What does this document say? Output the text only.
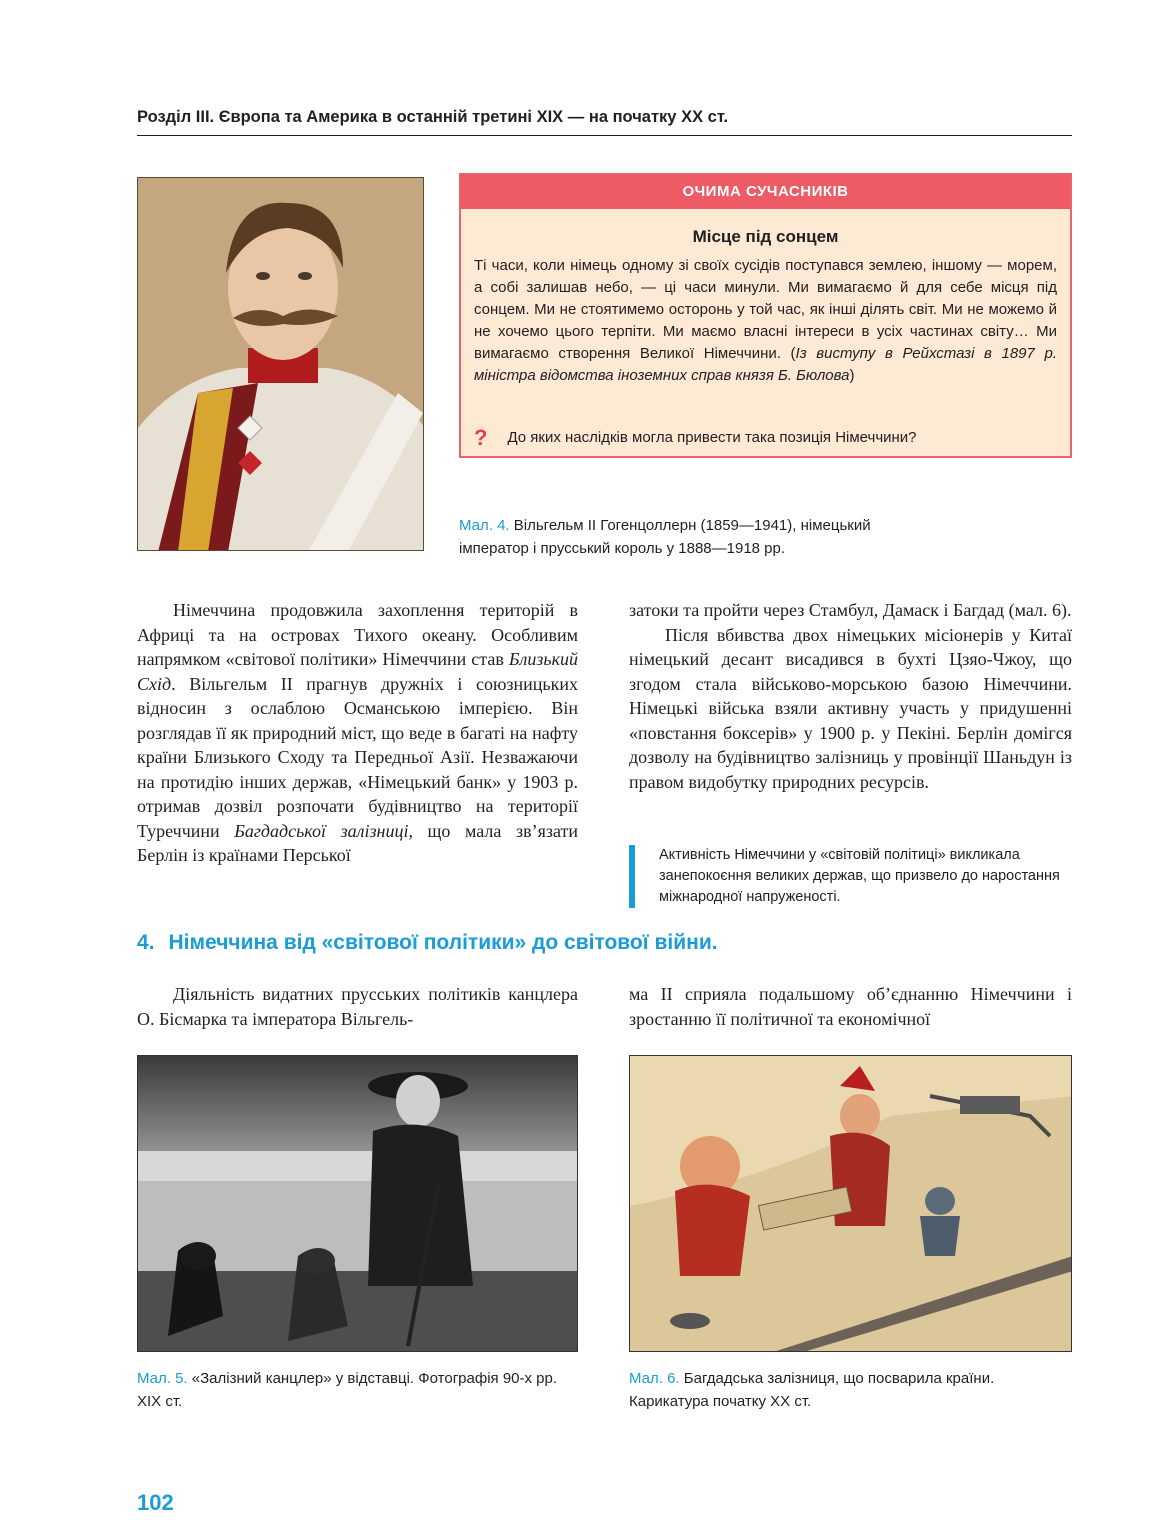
Розділ ІІІ. Європа та Америка в останній третині ХІХ — на початку ХХ ст.
ОЧИМА СУЧАСНИКІВ
Місце під сонцем
Ті часи, коли німець одному зі своїх сусідів поступався землею, іншому — морем, а собі залишав небо, — ці часи минули. Ми вимагаємо й для себе місця під сонцем. Ми не стоятимемо осторонь у той час, як інші ділять світ. Ми не можемо й не хочемо цього терпіти. Ми маємо власні інтереси в усіх частинах світу… Ми вимагаємо створення Великої Німеччини. (Із виступу в Рейхстазі в 1897 р. міністра відомства іноземних справ князя Б. Бюлова)
? До яких наслідків могла привести така позиція Німеччини?
Мал. 4. Вільгельм ІІ Гогенцоллерн (1859—1941), німецький імператор і прусський король у 1888—1918 рр.

Німеччина продовжила захоплення територій в Африці та на островах Тихого океану. Особливим напрямком «світової політики» Німеччини став Близький Схід. Вільгельм ІІ прагнув дружніх і союзницьких відносин з ослаблою Османською імперією. Він розглядав її як природний міст, що веде в багаті на нафту країни Близького Сходу та Передньої Азії. Незважаючи на протидію інших держав, «Німецький банк» у 1903 р. отримав дозвіл розпочати будівництво на території Туреччини Багдадської залізниці, що мала зв’язати Берлін із країнами Перської

затоки та пройти через Стамбул, Дамаск і Багдад (мал. 6).

Після вбивства двох німецьких місіонерів у Китаї німецький десант висадився в бухті Цзяо-Чжоу, що згодом стала військово-морською базою Німеччини. Німецькі війська взяли активну участь у придушенні «повстання боксерів» у 1900 р. у Пекіні. Берлін домігся дозволу на будівництво залізниць у провінції Шаньдун із правом видобутку природних ресурсів.

Активність Німеччини у «світовій політиці» викликала занепокоєння великих держав, що призвело до наростання міжнародної напруженості.
4. Німеччина від «світової політики» до світової війни.

Діяльність видатних прусських політиків канцлера О. Бісмарка та імператора Вільгель-

ма ІІ сприяла подальшому об’єднанню Німеччини і зростанню її політичної та економічної

Мал. 5. «Залізний канцлер» у відставці. Фотографія 90-х рр. ХІХ ст.
Мал. 6. Багдадська залізниця, що посварила країни. Карикатура початку ХХ ст.
102
